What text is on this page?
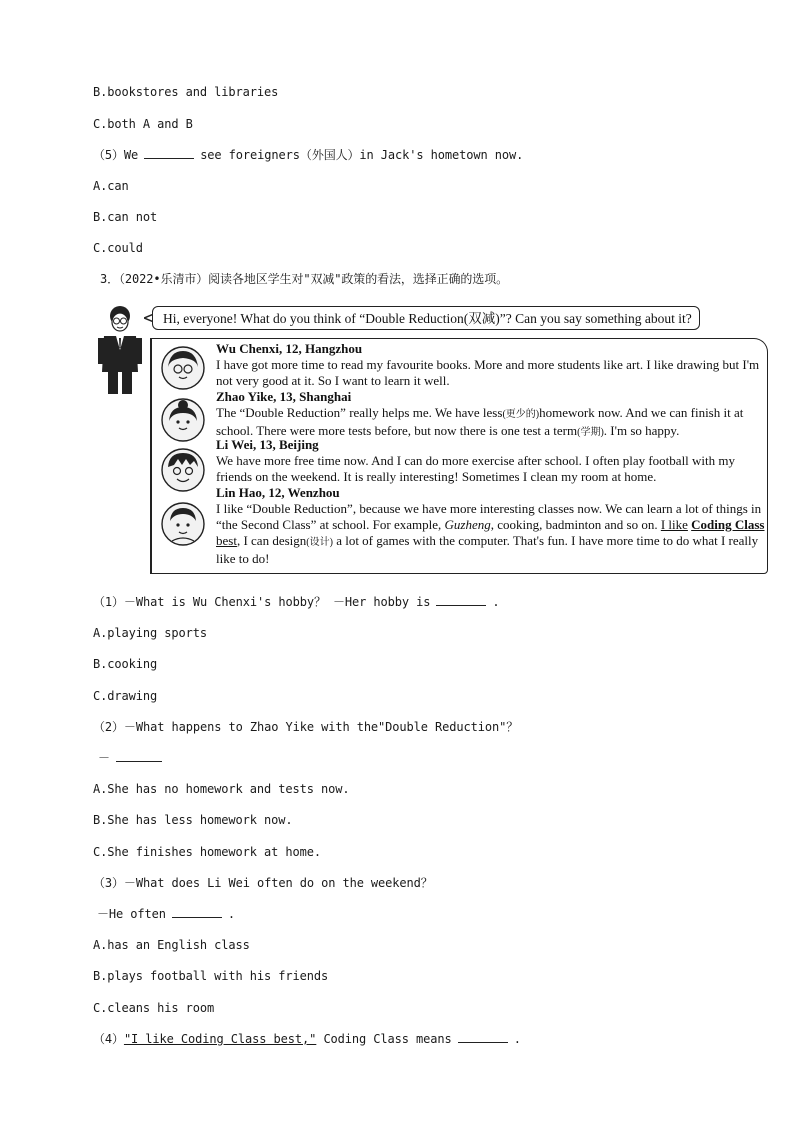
B.bookstores and libraries
C.both A and B
（5）We	see foreigners（外国人）in Jack's hometown now.
A.can
B.can not
C.could
3．（2022•乐清市）阅读各地区学生对"双减"政策的看法，选择正确的选项。
Hi, everyone! What do you think of “Double Reduction(双减)”? Can you say something about it?
Wu Chenxi, 12, Hangzhou
I have got more time to read my favourite books. More and more students like art. I like drawing but I'm not very good at it. So I want to learn it well.
Zhao Yike, 13, Shanghai
The “Double Reduction” really helps me. We have less(更少的)homework now. And we can finish it at school. There were more tests before, but now there is one test a term(学期). I'm so happy.
Li Wei, 13, Beijing
We have more free time now. And I can do more exercise after school. I often play football with my friends on the weekend. It is really interesting! Sometimes I clean my room at home.
Lin Hao, 12, Wenzhou
I like “Double Reduction”, because we have more interesting classes now. We can learn a lot of things in “the Second Class” at school. For example, Guzheng, cooking, badminton and so on. I like Coding Class best, I can design(设计) a lot of games with the computer. That's fun. I have more time to do what I really like to do!
（1）－What is Wu Chenxi's hobby？ －Her hobby is	.
A.playing sports
B.cooking
C.drawing
（2）－What happens to Zhao Yike with the"Double Reduction"？
－
A.She has no homework and tests now.
B.She has less homework now.
C.She finishes homework at home.
（3）－What does Li Wei often do on the weekend？
－He often	.
A.has an English class
B.plays football with his friends
C.cleans his room
（4）"I like Coding Class best," Coding Class means	.
